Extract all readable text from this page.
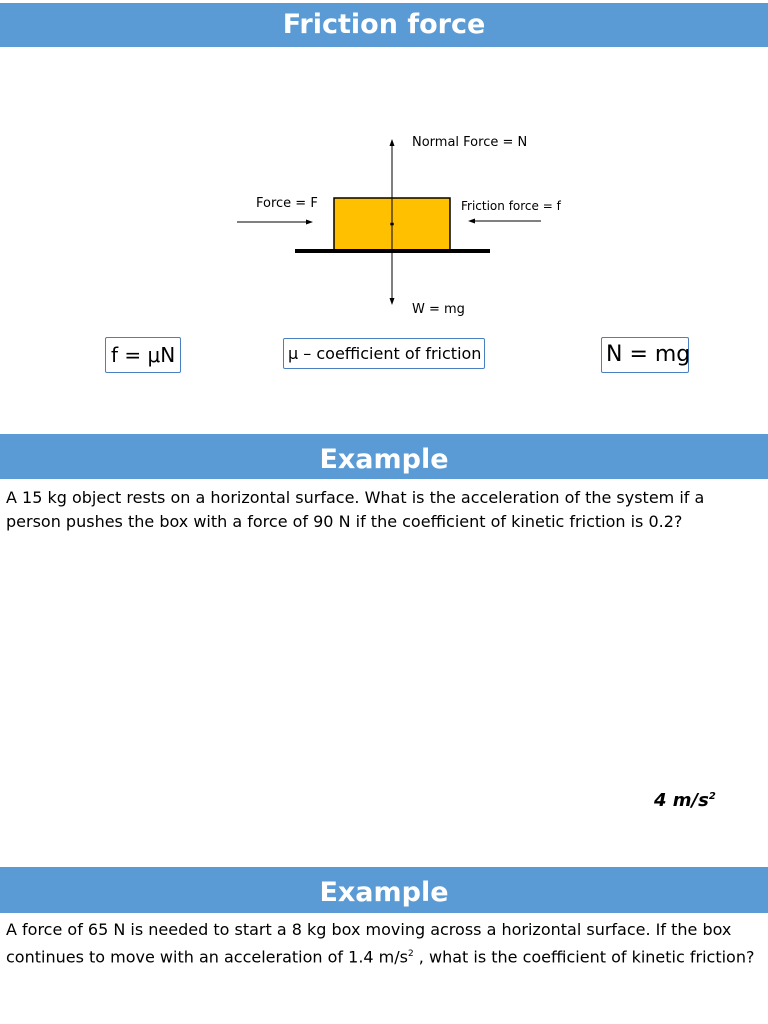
Friction force
Normal Force = N
Force = F	Friction force = f
W = mg
f = μN	μ – coefficient of friction	N = mg
Example
A 15 kg object rests on a horizontal surface. What is the acceleration of the system if a person pushes the box with a force of 90 N if the coefficient of kinetic friction is 0.2?
4 $m/s^2$
Example
A force of 65 N is needed to start a 8 kg box moving across a horizontal surface. If the box continues to move with an acceleration of 1.4 $m/s^2$ , what is the coefficient of kinetic friction?
